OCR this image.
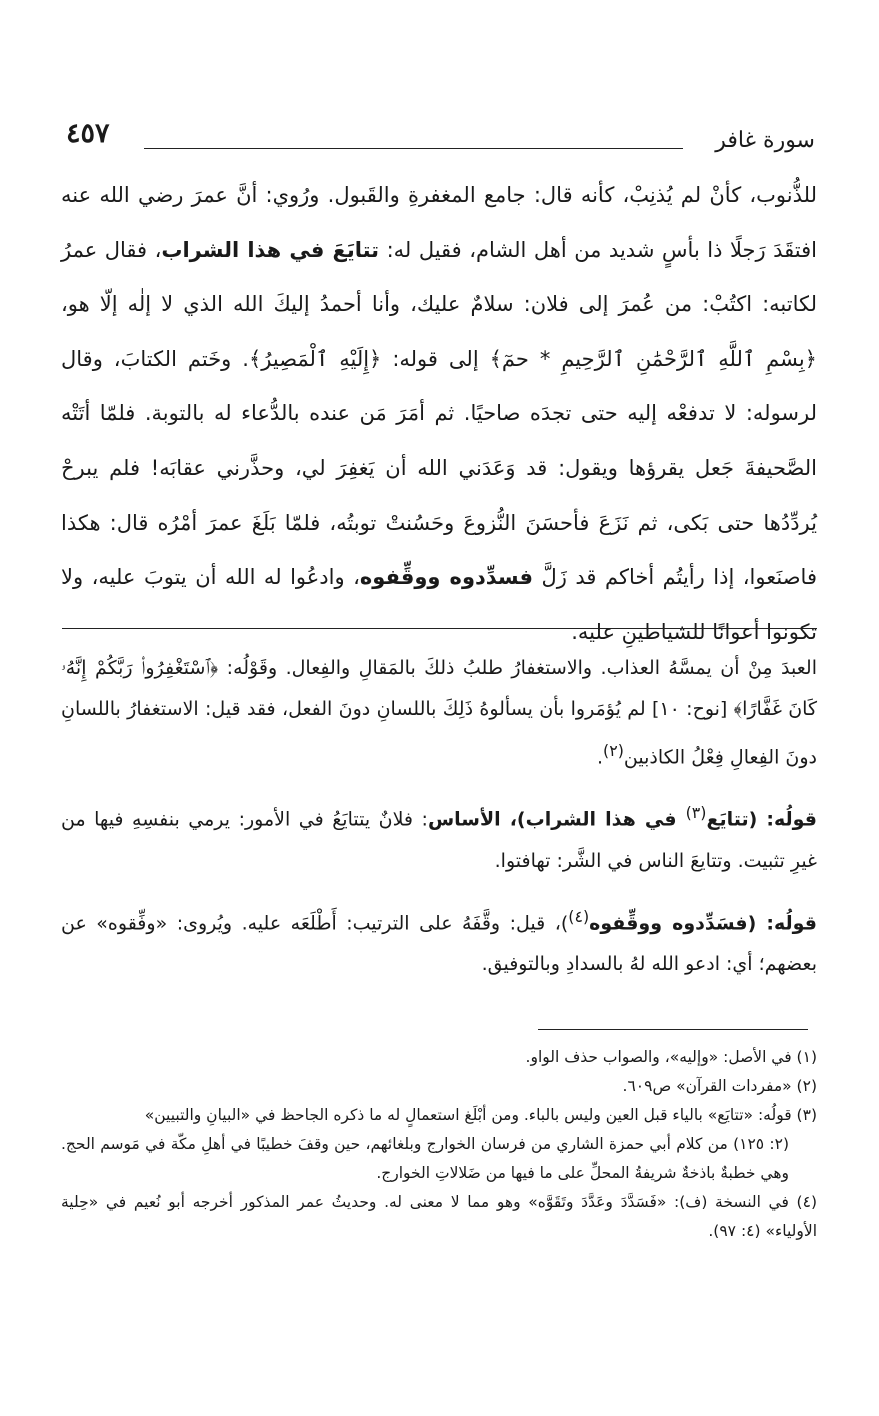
سورة غافر
٤٥٧

للذُّنوب، كأنْ لم يُذنِبْ، كأنه قال: جامع المغفرةِ والقَبول. ورُوي: أنَّ عمرَ رضي الله عنه افتقَدَ رَجلًا ذا بأسٍ شديد من أهل الشام، فقيل له: تتايَعَ في هذا الشراب، فقال عمرُ لكاتبه: اكتُبْ: من عُمرَ إلى فلان: سلامٌ عليك، وأنا أحمدُ إليكَ الله الذي لا إلٰه إلّا هو، ﴿بِسْمِ ٱللَّهِ ٱلرَّحْمَٰنِ ٱلرَّحِيمِ * حمٓ﴾ إلى قوله: ﴿إِلَيْهِ ٱلْمَصِيرُ﴾. وخَتم الكتابَ، وقال لرسوله: لا تدفعْه إليه حتى تجدَه صاحيًا. ثم أمَرَ مَن عنده بالدُّعاء له بالتوبة. فلمّا أتَتْه الصَّحيفةَ جَعل يقرؤها ويقول: قد وَعَدَني الله أن يَغفِرَ لي، وحذَّرني عقابَه! فلم يبرحْ يُردِّدُها حتى بَكى، ثم نَزَعَ فأحسَنَ النُّزوعَ وحَسُنتْ توبتُه، فلمّا بَلَغَ عمرَ أمْرُه قال: هكذا فاصنَعوا، إذا رأيتُم أخاكم قد زَلَّ فسدِّدوه ووقِّفوه، وادعُوا له الله أن يتوبَ عليه، ولا تكونوا أعوانًا للشياطينِ عليه.

العبدَ مِنْ أن يمسَّهُ العذاب. والاستغفارُ طلبُ ذلكَ بالمَقالِ والفِعال. وقَوْلُه: ﴿ٱسْتَغْفِرُوا۟ رَبَّكُمْ إِنَّهُۥ كَانَ غَفَّارًا﴾ [نوح: ١٠] لم يُؤمَروا بأن يسألوهُ ذَلِكَ باللسانِ دونَ الفعل، فقد قيل: الاستغفارُ باللسانِ دونَ الفِعالِ فِعْلُ الكاذبين$^{(٢)}$.

قولُه: (تتايَع$^{(٣)}$ في هذا الشراب)، الأساس: فلانٌ يتتايَعُ في الأمور: يرمي بنفسِهِ فيها من غيرِ تثبيت. وتتايعَ الناس في الشَّر: تهافتوا.

قولُه: (فسَدِّدوه ووقِّفوه$^{(٤)}$)، قيل: وقَّفَهُ على الترتيب: أَطْلَعَه عليه. ويُروى: «وفِّقوه» عن بعضهم؛ أي: ادعو الله لهُ بالسدادِ وبالتوفيق.

(١) في الأصل: «وإليه»، والصواب حذف الواو.

(٢) «مفردات القرآن» ص٦٠٩.

(٣) قولُه: «تتايَع» بالياء قبل العين وليس بالباء. ومن أبْلَغ استعمالٍ له ما ذكره الجاحظ في «البيانِ والتبيين»

(٢: ١٢٥) من كلام أبي حمزة الشاري من فرسان الخوارج وبلغائهم، حين وقفَ خطيبًا في أهلِ مكّة في مَوسم الحج. وهي خطبةٌ باذخةٌ شريفةُ المحلِّ على ما فيها من ضَلالاتِ الخوارج.

(٤) في النسخة (ف): «فَسَدَّدَ وعَدَّدَ وتَقَوَّه» وهو مما لا معنى له. وحديثُ عمر المذكور أخرجه أبو نُعيم في «حِلية الأولياء» (٤: ٩٧).
